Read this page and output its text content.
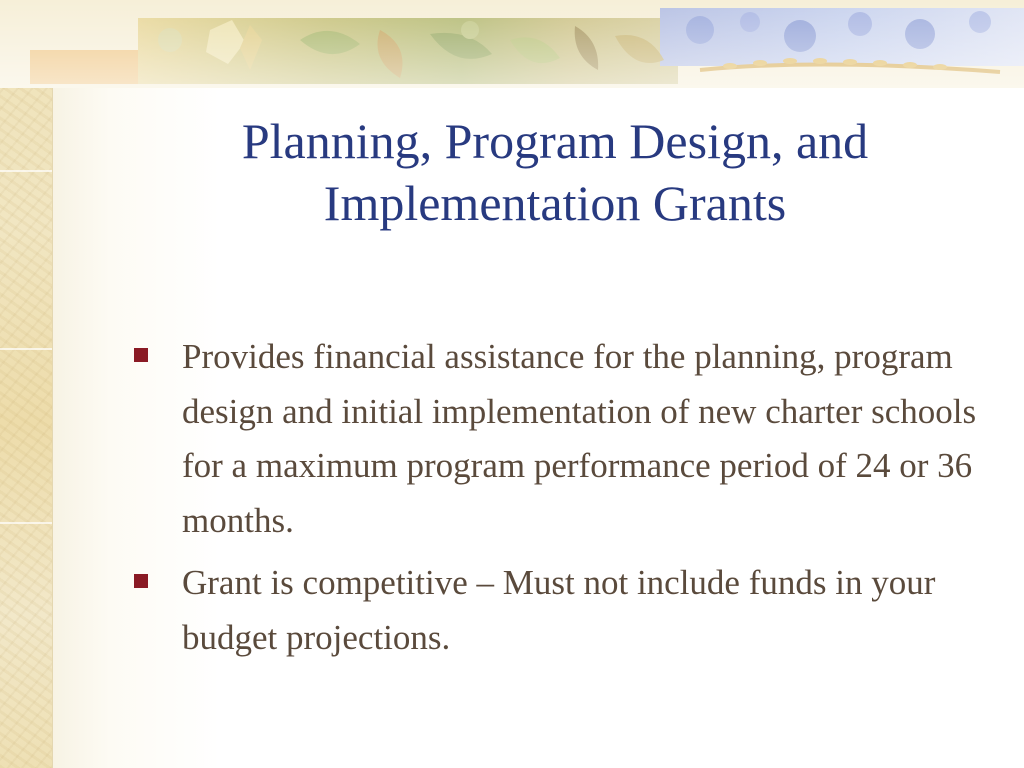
Planning, Program Design, and Implementation Grants
Provides financial assistance for the planning, program design and initial implementation of new charter schools for a maximum program performance period of 24 or 36 months.
Grant is competitive – Must not include funds in your budget projections.
